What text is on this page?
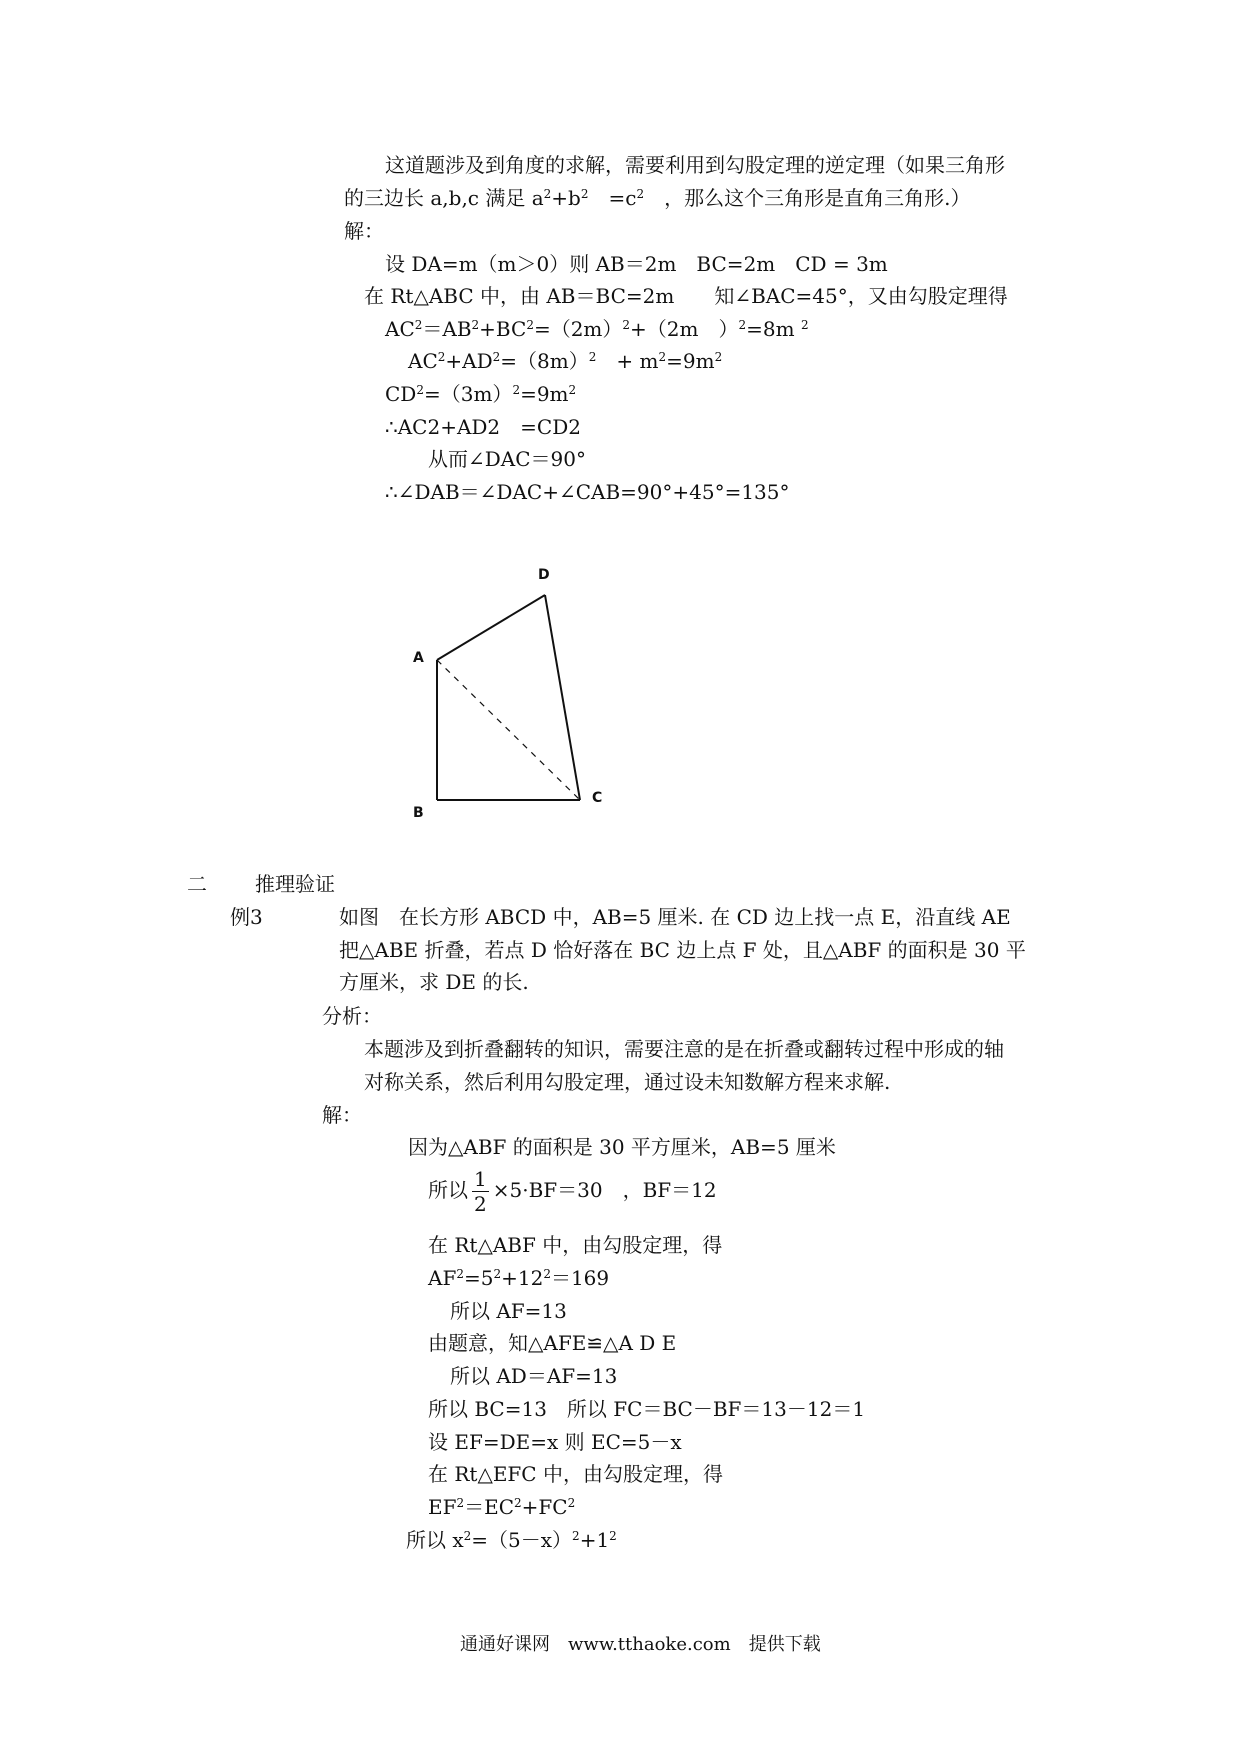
这道题涉及到角度的求解，需要利用到勾股定理的逆定理（如果三角形
的三边长 a,b,c 满足 $a^2+b^2$　 $=c^2$　 ，那么这个三角形是直角三角形.）
解：
设 DA=m（m＞0）则 AB＝2m　BC=2m　CD = 3m
在 Rt△ABC 中，由 AB＝BC=2m　　知∠BAC=45°，又由勾股定理得
$AC^2=AB^2+BC^2=(2m)^2+(2m$　）$^2$=8m $^2$
$AC^2+AD^2=(8m)^2$　+ $m^2=9m^2$
$CD^2=(3m)^2=9m^2$
∴AC2+AD2　=CD2
从而∠DAC＝90°
∴∠DAB＝∠DAC+∠CAB=90°+45°=135°
A
B
C
D
二 推理验证
例3	如图　在长方形 ABCD 中，AB=5 厘米. 在 CD 边上找一点 E，沿直线 AE
把△ABE 折叠，若点 D 恰好落在 BC 边上点 F 处，且△ABF 的面积是 30 平
方厘米，求 DE 的长.
分析：
本题涉及到折叠翻转的知识，需要注意的是在折叠或翻转过程中形成的轴
对称关系，然后利用勾股定理，通过设未知数解方程来求解.
解：
因为△ABF 的面积是 30 平方厘米，AB=5 厘米
所以 $\frac{1}{2} \times 5\cdot BF=30$　，BF＝12
在 Rt△ABF 中，由勾股定理，得
$AF^2=5^2+12^2=169$
所以 AF=13
由题意，知△AFE≌△A D E
所以 AD＝AF=13
所以 BC=13　所以 FC＝BC－BF＝13－12＝1
设 EF=DE=x 则 EC=5－x
在 Rt△EFC 中，由勾股定理，得
$EF^2=EC^2+FC^2$
所以 $x^2=(5-x)^2+1^2$
通通好课网　www.tthaoke.com　提供下载
